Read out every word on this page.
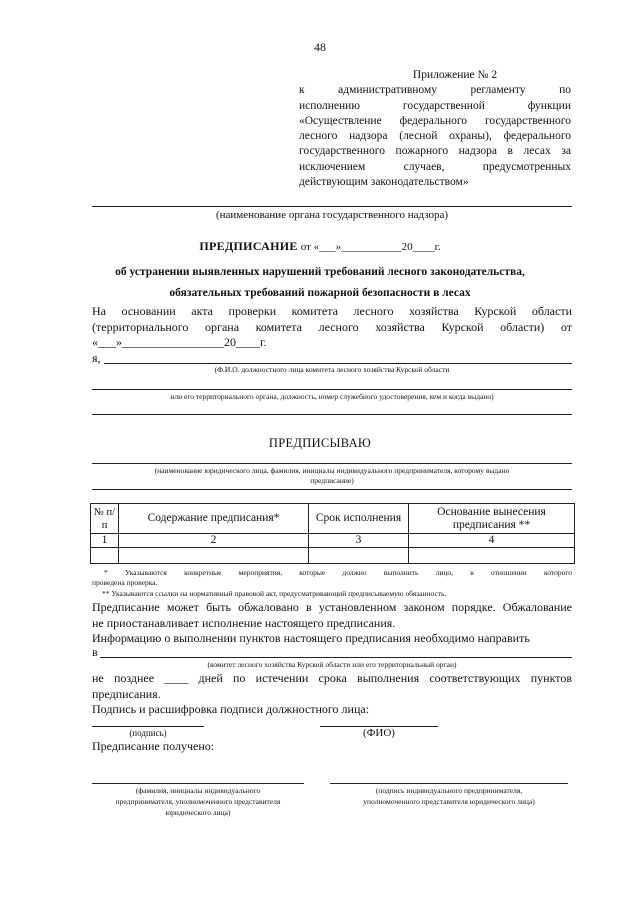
48
Приложение № 2
к административному регламенту по
исполнению государственной функции
«Осуществление федерального государственного
лесного надзора (лесной охраны), федерального
государственного пожарного надзора в лесах за
исключением случаев, предусмотренных
действующим законодательством»
(наименование органа государственного надзора)
ПРЕДПИСАНИЕ от «___»___________20____г.
об устранении выявленных нарушений требований лесного законодательства,
обязательных требований пожарной безопасности в лесах
На основании акта проверки комитета лесного хозяйства Курской области
(территориального органа комитета лесного хозяйства Курской области) от
«___»_________________20____г.
я,
(Ф.И.О. должностного лица комитета лесного хозяйства Курской области
или его территориального органа, должность, номер служебного удостоверения, кем и когда выдано)
ПРЕДПИСЫВАЮ
(наименование юридического лица, фамилия, инициалы индивидуального предпринимателя, которому выдано
предписание)
№ п/п	Содержание предписания*	Срок исполнения	Основание вынесения предписания **
1	2	3	4

* Указываются конкретные мероприятия, которые должно выполнить лицо, в отношении которого
проведена проверка.
** Указываются ссылки на нормативный правовой акт, предусматривающий предписываемую обязанность.
Предписание может быть обжаловано в установленном законом порядке. Обжалование
не приостанавливает исполнение настоящего предписания.
Информацию о выполнении пунктов настоящего предписания необходимо направить
в
(комитет лесного хозяйства Курской области или его территориальный орган)
не позднее ____ дней по истечении срока выполнения соответствующих пунктов
предписания.
Подпись и расшифровка подписи должностного лица:
(подпись)	(ФИО)
Предписание получено:
(фамилия, инициалы индивидуального
предпринимателя, уполномоченного представителя
юридического лица)
(подпись индивидуального предпринимателя,
уполномоченного представителя юридического лица)
